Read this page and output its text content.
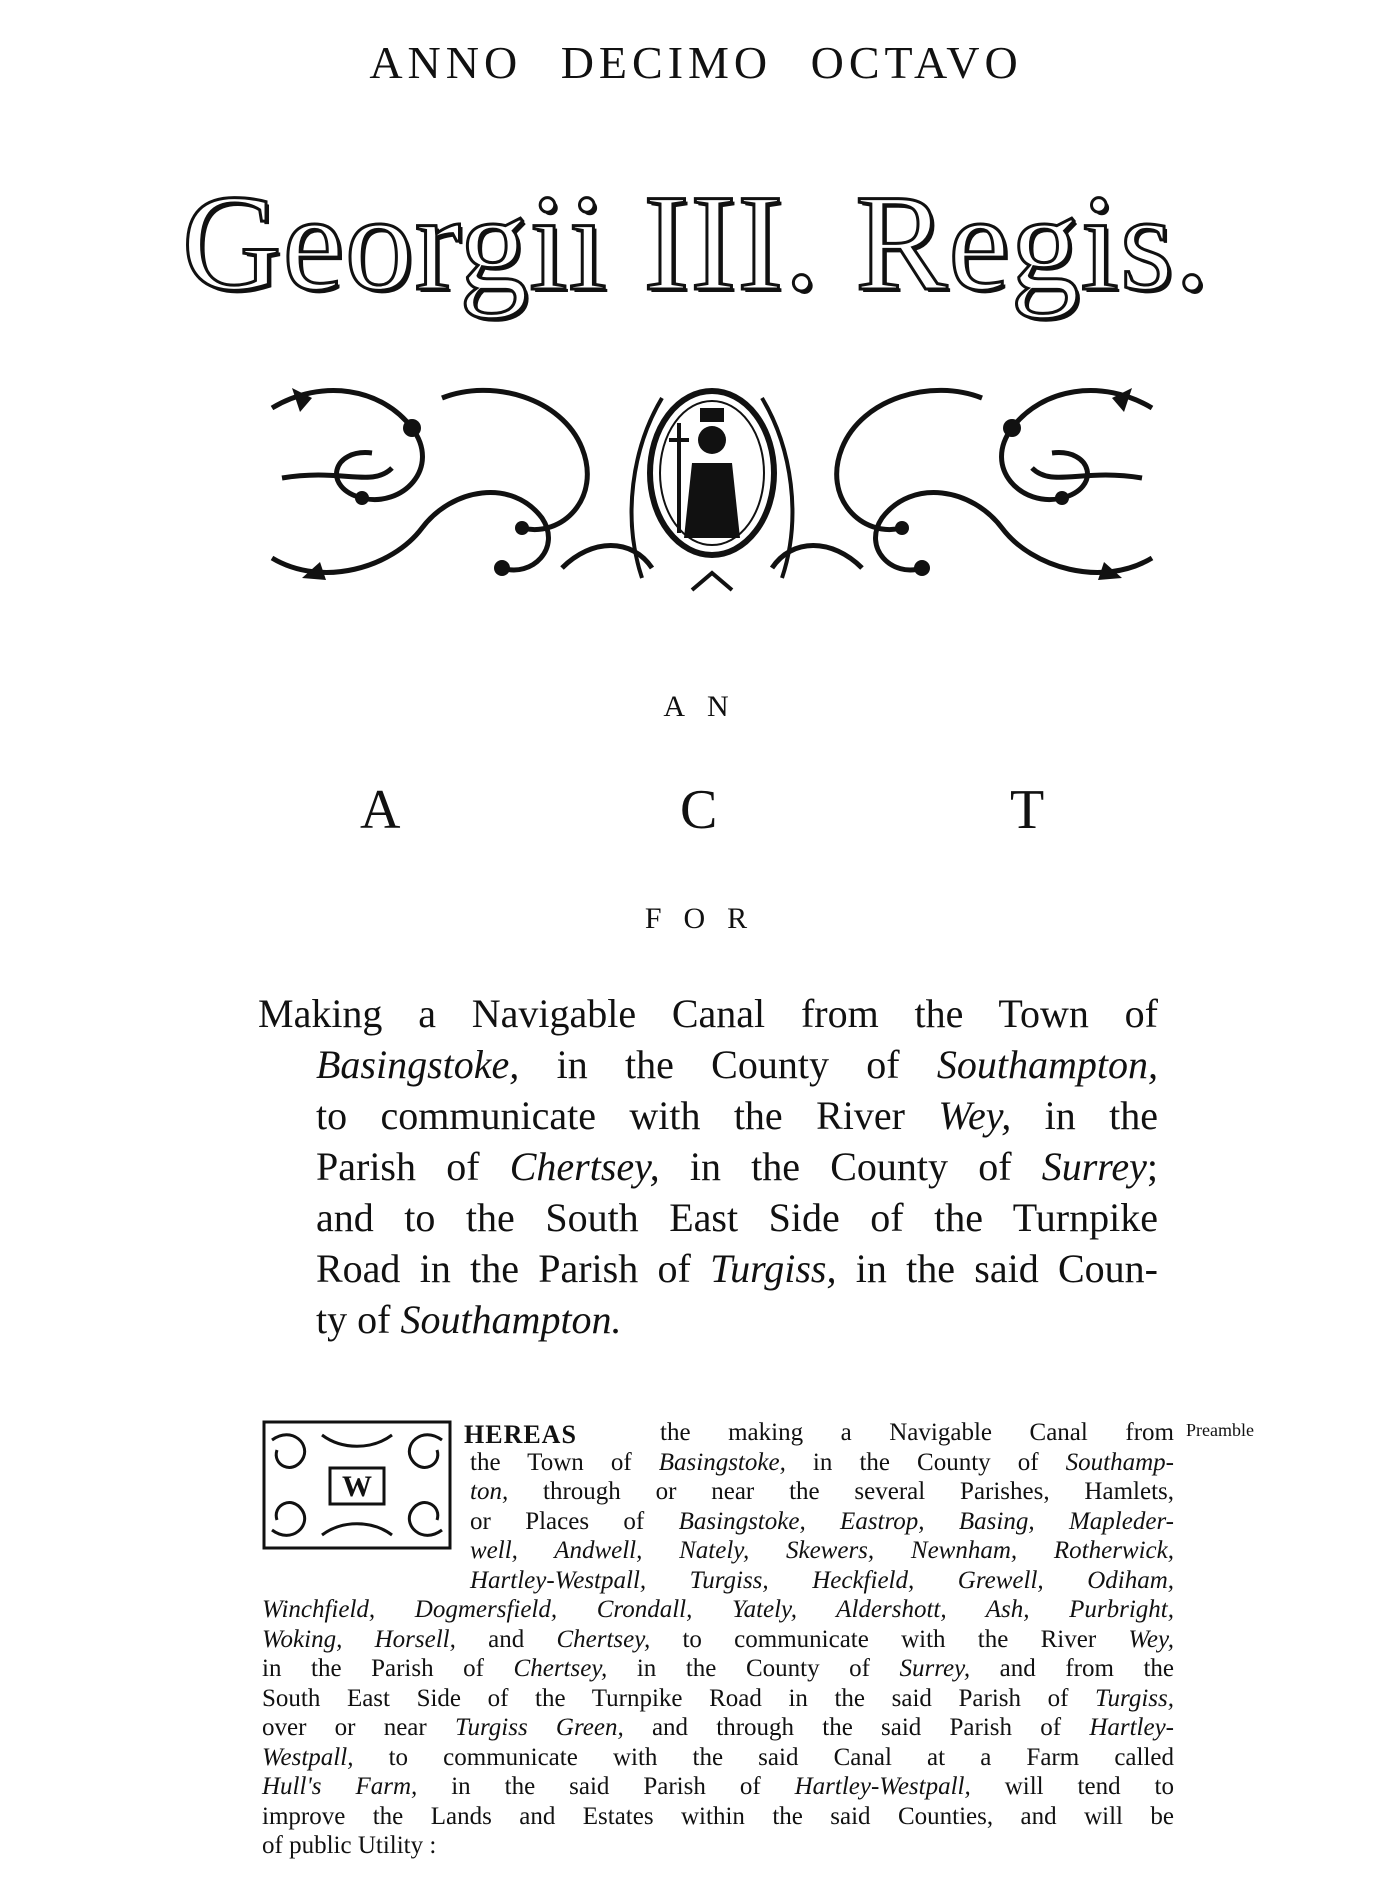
ANNO DECIMO OCTAVO
Georgii III. Regis.
AN
A	C	T
FOR
Making a Navigable Canal from the Town of
Basingstoke, in the County of Southampton,
to communicate with the River Wey, in the
Parish of Chertsey, in the County of Surrey;
and to the South East Side of the Turnpike
Road in the Parish of Turgiss, in the said Coun-
ty of Southampton.
W
HEREAS	Preamble
the making a Navigable Canal from
the Town of Basingstoke, in the County of Southamp-
ton, through or near the several Parishes, Hamlets,
or Places of Basingstoke, Eastrop, Basing, Mapleder-
well, Andwell, Nately, Skewers, Newnham, Rotherwick,
Hartley-Westpall, Turgiss, Heckfield, Grewell, Odiham,
Winchfield, Dogmersfield, Crondall, Yately, Aldershott, Ash, Purbright,
Woking, Horsell, and Chertsey, to communicate with the River Wey,
in the Parish of Chertsey, in the County of Surrey, and from the
South East Side of the Turnpike Road in the said Parish of Turgiss,
over or near Turgiss Green, and through the said Parish of Hartley-
Westpall, to communicate with the said Canal at a Farm called
Hull's Farm, in the said Parish of Hartley-Westpall, will tend to
improve the Lands and Estates within the said Counties, and will be
of public Utility :
